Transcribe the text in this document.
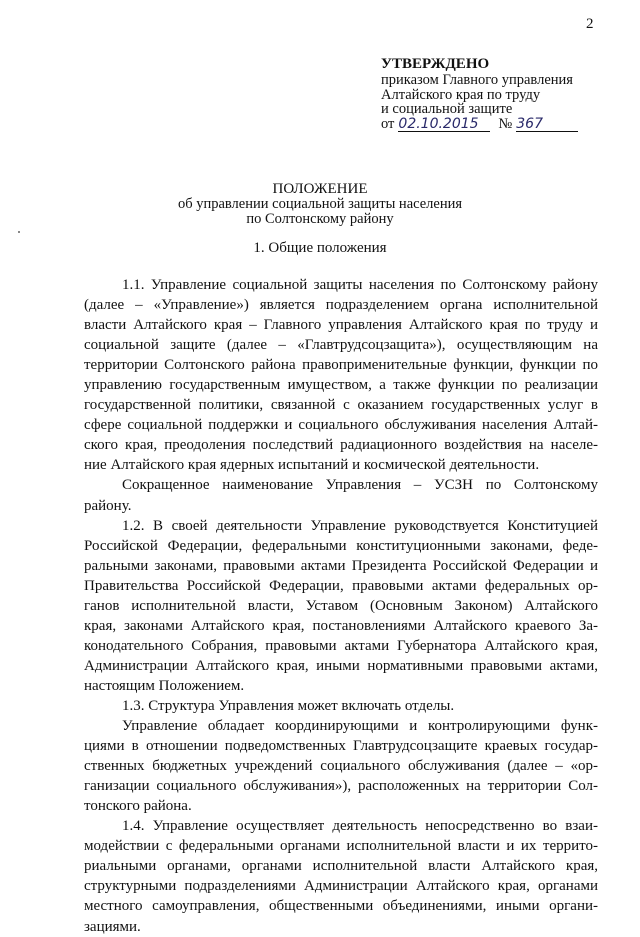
2
УТВЕРЖДЕНО
приказом Главного управления
Алтайского края по труду
и социальной защите
от 02.10.2015	№ 367
ПОЛОЖЕНИЕ
об управлении социальной защиты населения
по Солтонскому району
1. Общие положения
1.1. Управление социальной защиты населения по Солтонскому району
(далее – «Управление») является подразделением органа исполнительной
власти Алтайского края – Главного управления Алтайского края по труду и
социальной защите (далее – «Главтрудсоцзащита»), осуществляющим на
территории Солтонского района правоприменительные функции, функции по
управлению государственным имуществом, а также функции по реализации
государственной политики, связанной с оказанием государственных услуг в
сфере социальной поддержки и социального обслуживания населения Алтай-
ского края, преодоления последствий радиационного воздействия на населе-
ние Алтайского края ядерных испытаний и космической деятельности.
Сокращенное наименование Управления – УСЗН по Солтонскому
району.
1.2. В своей деятельности Управление руководствуется Конституцией
Российской Федерации, федеральными конституционными законами, феде-
ральными законами, правовыми актами Президента Российской Федерации и
Правительства Российской Федерации, правовыми актами федеральных ор-
ганов исполнительной власти, Уставом (Основным Законом) Алтайского
края, законами Алтайского края, постановлениями Алтайского краевого За-
конодательного Собрания, правовыми актами Губернатора Алтайского края,
Администрации Алтайского края, иными нормативными правовыми актами,
настоящим Положением.
1.3. Структура Управления может включать отделы.
Управление обладает координирующими и контролирующими функ-
циями в отношении подведомственных Главтрудсоцзащите краевых государ-
ственных бюджетных учреждений социального обслуживания (далее – «ор-
ганизации социального обслуживания»), расположенных на территории Сол-
тонского района.
1.4. Управление осуществляет деятельность непосредственно во взаи-
модействии с федеральными органами исполнительной власти и их террито-
риальными органами, органами исполнительной власти Алтайского края,
структурными подразделениями Администрации Алтайского края, органами
местного самоуправления, общественными объединениями, иными органи-
зациями.
